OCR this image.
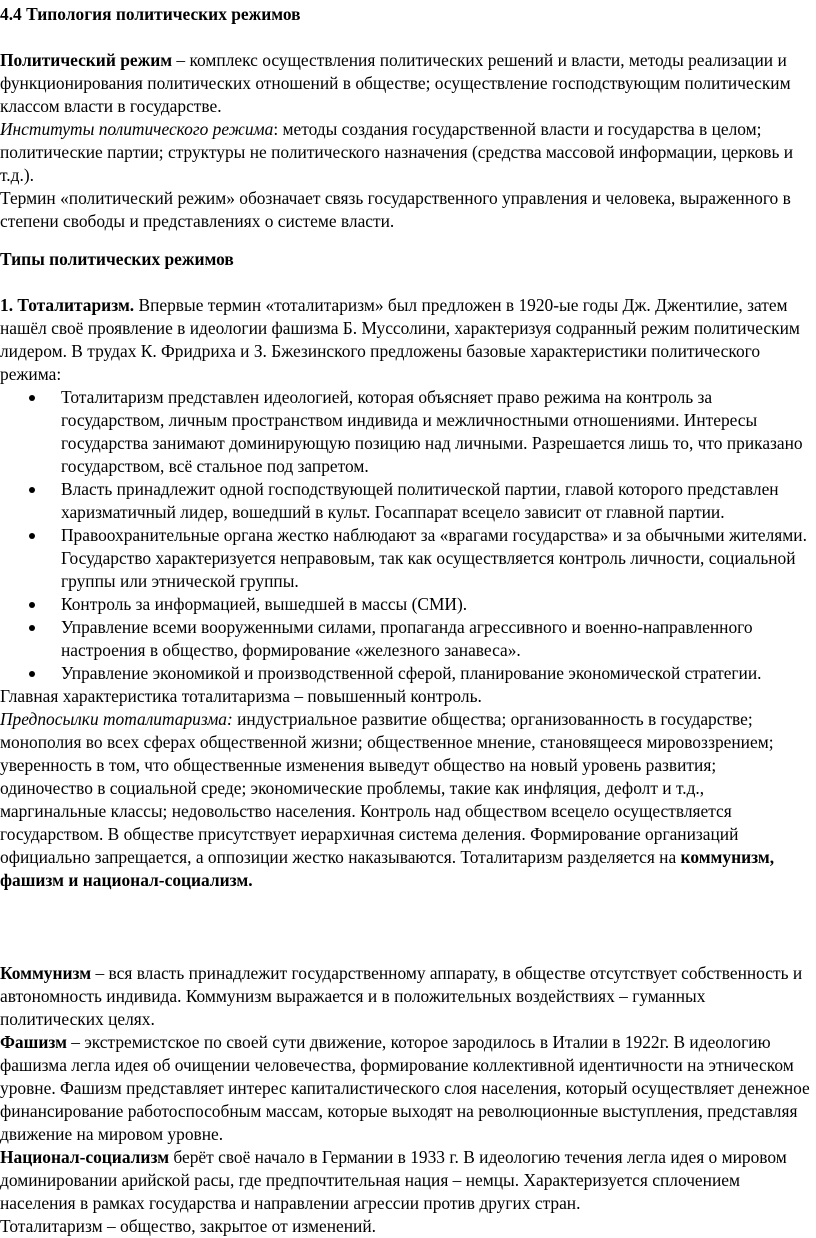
4.4 Типология политических режимов

Политический режим – комплекс осуществления политических решений и власти, методы реализации и функционирования политических отношений в обществе; осуществление господствующим политическим классом власти в государстве.

Институты политического режима: методы создания государственной власти и государства в целом; политические партии; структуры не политического назначения (средства массовой информации, церковь и т.д.).

Термин «политический режим» обозначает связь государственного управления и человека, выраженного в степени свободы и представлениях о системе власти.

Типы политических режимов

1. Тоталитаризм. Впервые термин «тоталитаризм» был предложен в 1920-ые годы Дж. Джентилие, затем нашёл своё проявление в идеологии фашизма Б. Муссолини, характеризуя содранный режим политическим лидером. В трудах К. Фридриха и З. Бжезинского предложены базовые характеристики политического режима:

Тоталитаризм представлен идеологией, которая объясняет право режима на контроль за государством, личным пространством индивида и межличностными отношениями. Интересы государства занимают доминирующую позицию над личными. Разрешается лишь то, что приказано государством, всё стальное под запретом.
Власть принадлежит одной господствующей политической партии, главой которого представлен харизматичный лидер, вошедший в культ. Госаппарат всецело зависит от главной партии.
Правоохранительные органа жестко наблюдают за «врагами государства» и за обычными жителями. Государство характеризуется неправовым, так как осуществляется контроль личности, социальной группы или этнической группы.
Контроль за информацией, вышедшей в массы (СМИ).
Управление всеми вооруженными силами, пропаганда агрессивного и военно-направленного настроения в общество, формирование «железного занавеса».
Управление экономикой и производственной сферой, планирование экономической стратегии.

Главная характеристика тоталитаризма – повышенный контроль.

Предпосылки тоталитаризма: индустриальное развитие общества; организованность в государстве; монополия во всех сферах общественной жизни; общественное мнение, становящееся мировоззрением; уверенность в том, что общественные изменения выведут общество на новый уровень развития; одиночество в социальной среде; экономические проблемы, такие как инфляция, дефолт и т.д., маргинальные классы; недовольство населения. Контроль над обществом всецело осуществляется государством. В обществе присутствует иерархичная система деления. Формирование организаций официально запрещается, а оппозиции жестко наказываются. Тоталитаризм разделяется на коммунизм, фашизм и национал-социализм.

Коммунизм – вся власть принадлежит государственному аппарату, в обществе отсутствует собственность и автономность индивида. Коммунизм выражается и в положительных воздействиях – гуманных политических целях.

Фашизм – экстремистское по своей сути движение, которое зародилось в Италии в 1922г. В идеологию фашизма легла идея об очищении человечества, формирование коллективной идентичности на этническом уровне. Фашизм представляет интерес капиталистического слоя населения, который осуществляет денежное финансирование работоспособным массам, которые выходят на революционные выступления, представляя движение на мировом уровне.

Национал-социализм берёт своё начало в Германии в 1933 г. В идеологию течения легла идея о мировом доминировании арийской расы, где предпочтительная нация – немцы. Характеризуется сплочением населения в рамках государства и направлении агрессии против других стран.

Тоталитаризм – общество, закрытое от изменений.
